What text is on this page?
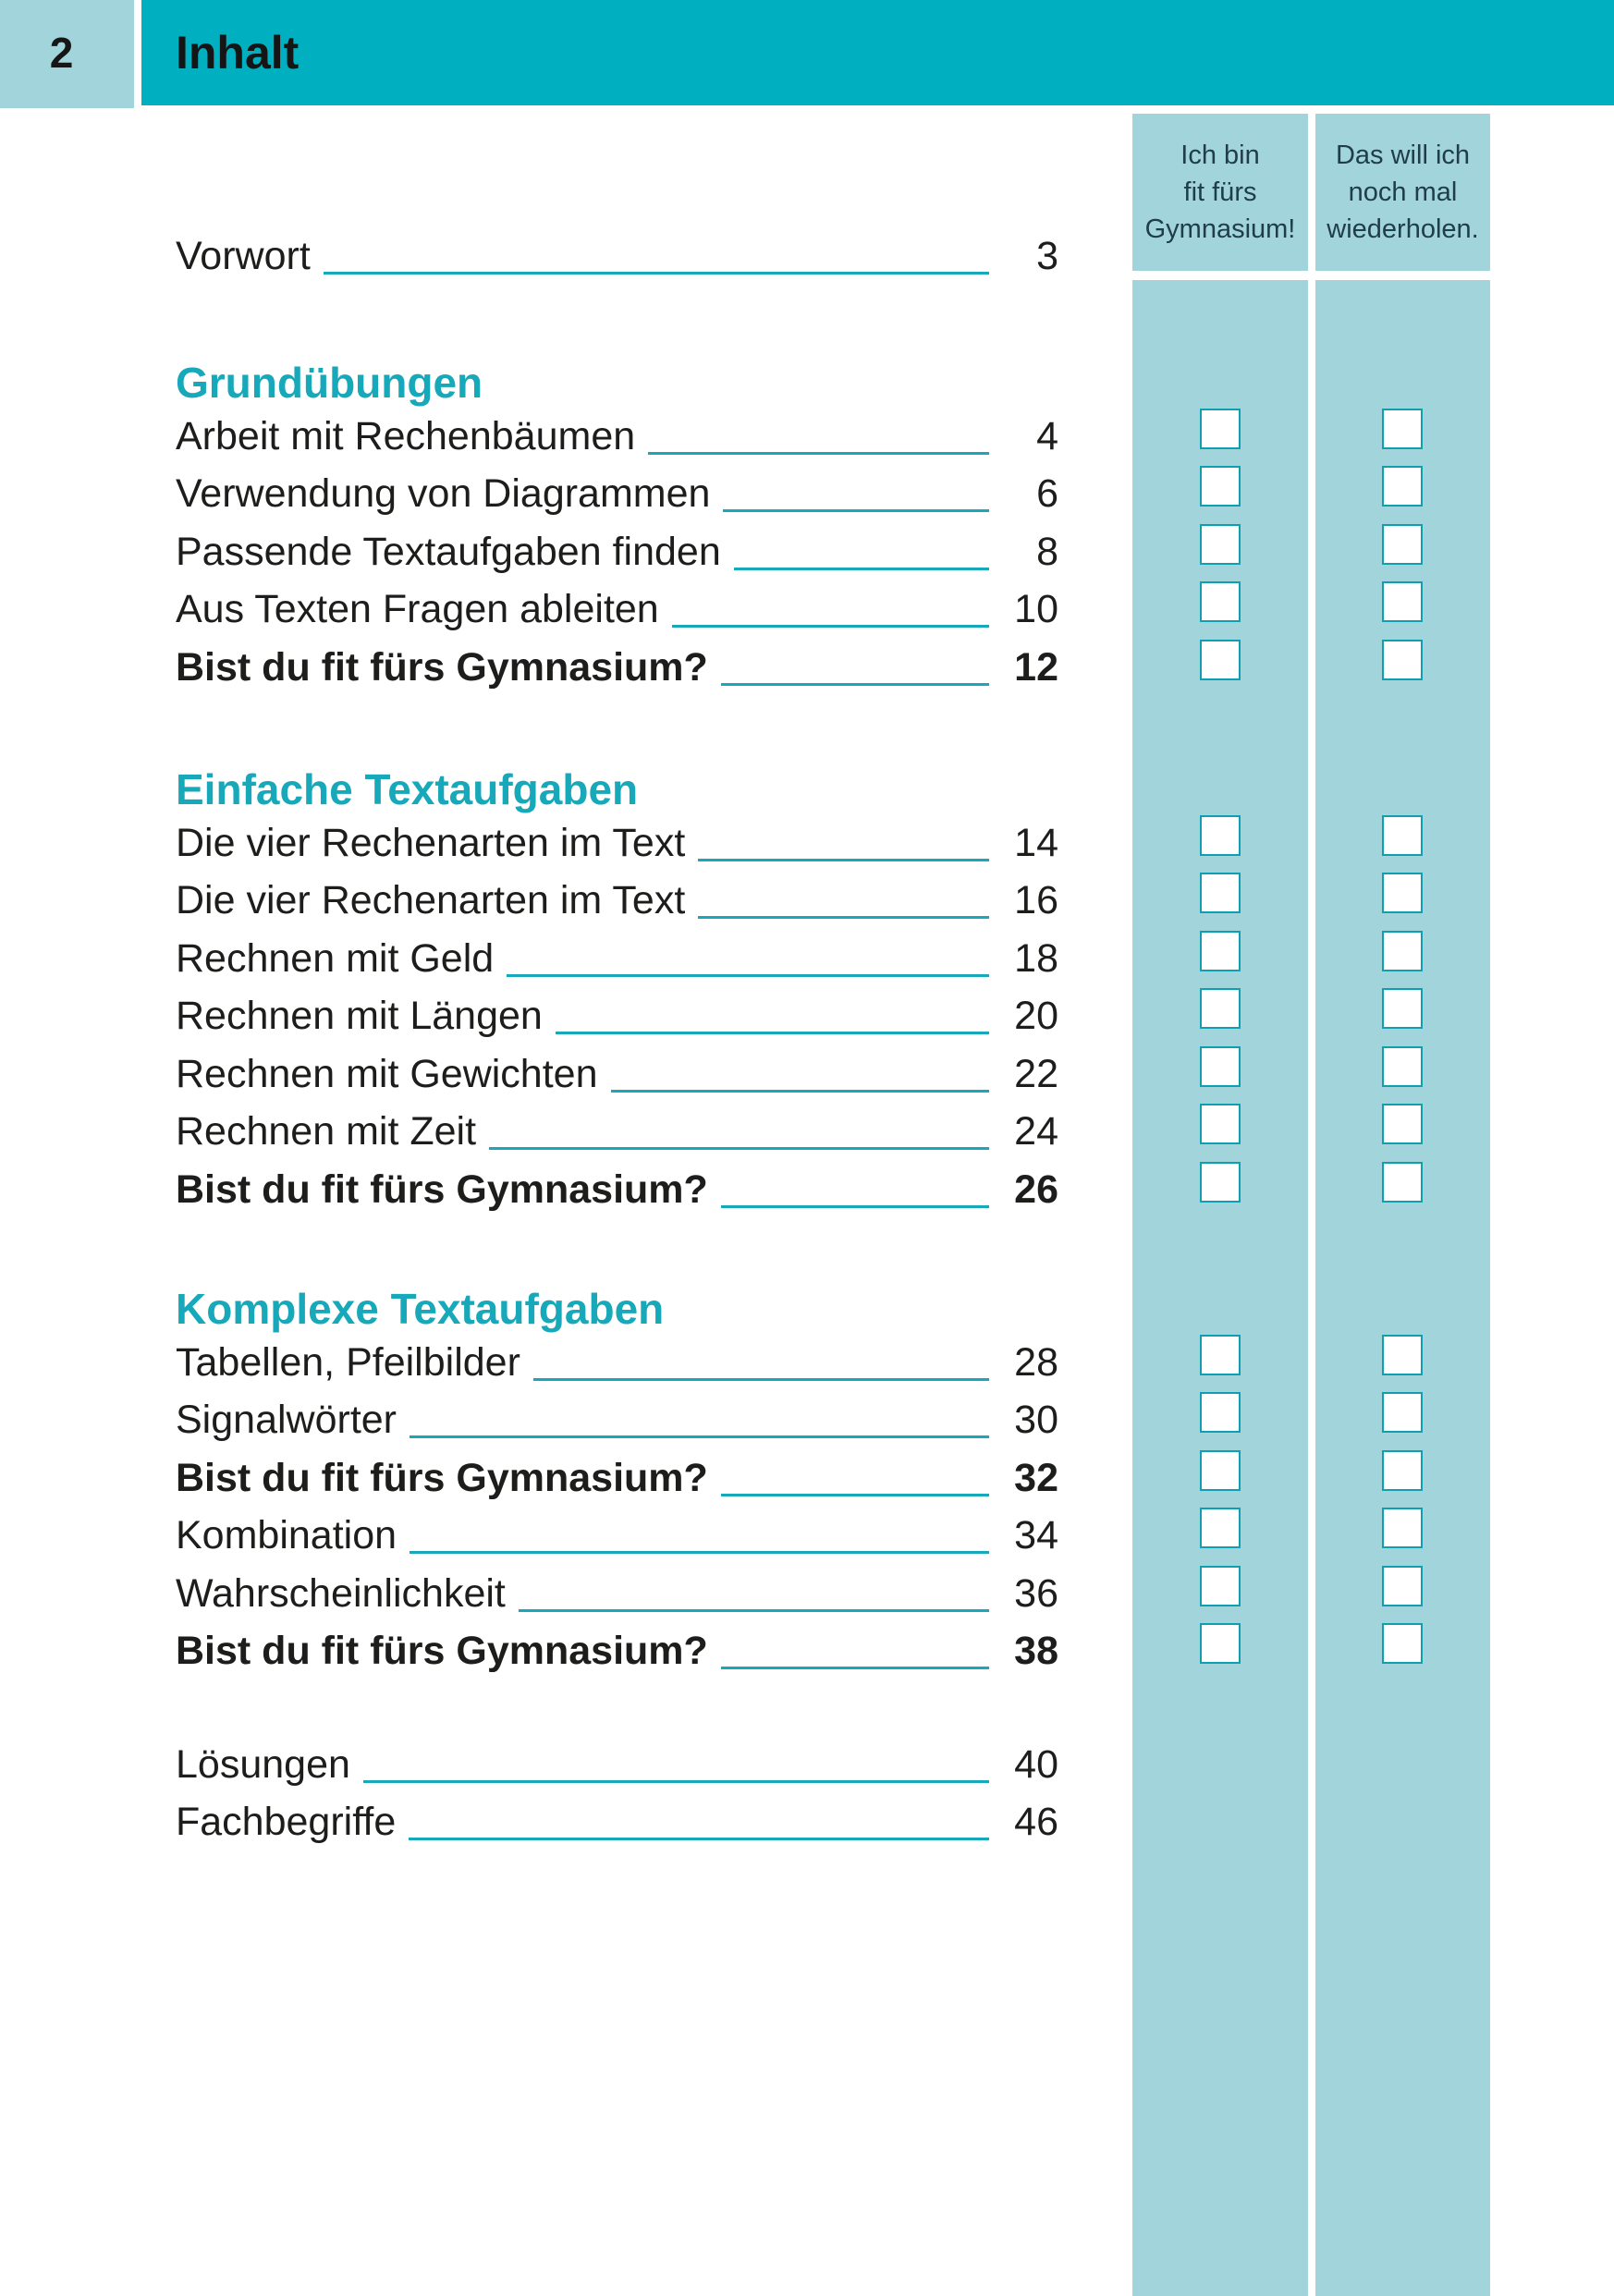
2 Inhalt
Vorwort	3
Grundübungen
Arbeit mit Rechenbäumen	4
Verwendung von Diagrammen	6
Passende Textaufgaben finden	8
Aus Texten Fragen ableiten	10
Bist du fit fürs Gymnasium?	12
Einfache Textaufgaben
Die vier Rechenarten im Text	14
Die vier Rechenarten im Text	16
Rechnen mit Geld	18
Rechnen mit Längen	20
Rechnen mit Gewichten	22
Rechnen mit Zeit	24
Bist du fit fürs Gymnasium?	26
Komplexe Textaufgaben
Tabellen, Pfeilbilder	28
Signalwörter	30
Bist du fit fürs Gymnasium?	32
Kombination	34
Wahrscheinlichkeit	36
Bist du fit fürs Gymnasium?	38
Lösungen	40
Fachbegriffe	46
Ich bin
fit fürs
Gymnasium!
Das will ich
noch mal
wiederholen.
